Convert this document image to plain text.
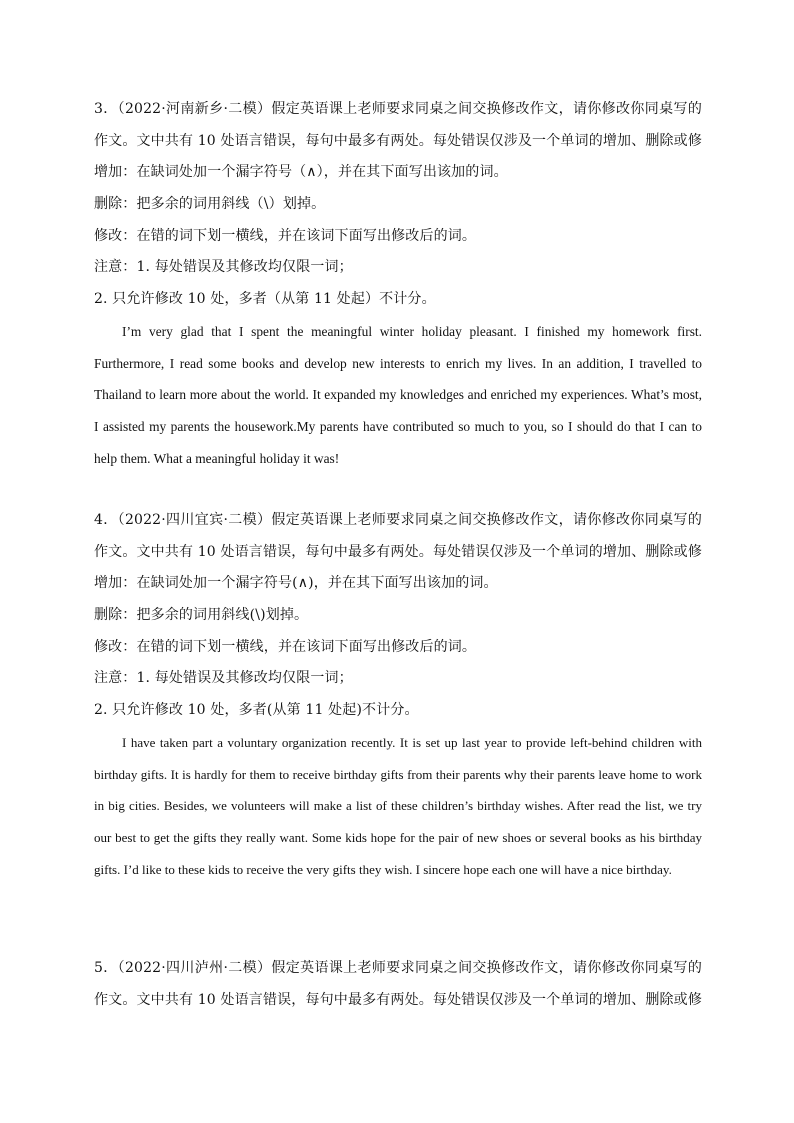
3．（2022·河南新乡·二模）假定英语课上老师要求同桌之间交换修改作文，请你修改你同桌写的
作文。文中共有 10 处语言错误，每句中最多有两处。每处错误仅涉及一个单词的增加、删除或修
增加：在缺词处加一个漏字符号（∧），并在其下面写出该加的词。
删除：把多余的词用斜线（\）划掉。
修改：在错的词下划一横线，并在该词下面写出修改后的词。
注意：1. 每处错误及其修改均仅限一词；
2. 只允许修改 10 处，多者（从第 11 处起）不计分。

I’m very glad that I spent the meaningful winter holiday pleasant. I finished my homework first. Furthermore, I read some books and develop new interests to enrich my lives. In an addition, I travelled to Thailand to learn more about the world. It expanded my knowledges and enriched my experiences. What’s most, I assisted my parents the housework.My parents have contributed so much to you, so I should do that I can to help them. What a meaningful holiday it was!

4．（2022·四川宜宾·二模）假定英语课上老师要求同桌之间交换修改作文，请你修改你同桌写的
作文。文中共有 10 处语言错误，每句中最多有两处。每处错误仅涉及一个单词的增加、删除或修
增加：在缺词处加一个漏字符号(∧)，并在其下面写出该加的词。
删除：把多余的词用斜线(\)划掉。
修改：在错的词下划一横线，并在该词下面写出修改后的词。
注意：1. 每处错误及其修改均仅限一词；
2. 只允许修改 10 处，多者(从第 11 处起)不计分。

I have taken part a voluntary organization recently. It is set up last year to provide left-behind children with birthday gifts. It is hardly for them to receive birthday gifts from their parents why their parents leave home to work in big cities. Besides, we volunteers will make a list of these children’s birthday wishes. After read the list, we try our best to get the gifts they really want. Some kids hope for the pair of new shoes or several books as his birthday gifts. I’d like to these kids to receive the very gifts they wish. I sincere hope each one will have a nice birthday.

5．（2022·四川泸州·二模）假定英语课上老师要求同桌之间交换修改作文，请你修改你同桌写的
作文。文中共有 10 处语言错误，每句中最多有两处。每处错误仅涉及一个单词的增加、删除或修
